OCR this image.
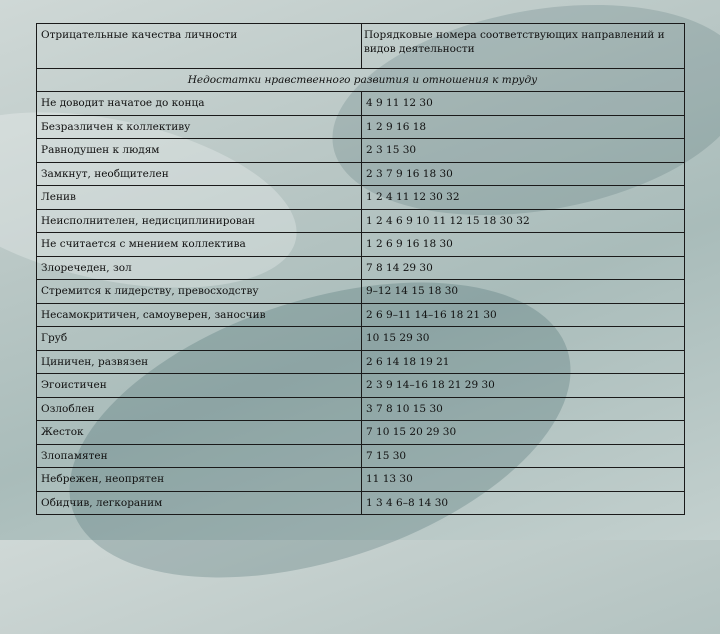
Отрицательные качества личности	Порядковые номера соответствующих направлений и видов деятельности
Недостатки нравственного развития и отношения к труду	
Не доводит начатое до конца	4 9 11 12 30
Безразличен к коллективу	1 2 9 16 18
Равнодушен к людям	2 3 15 30
Замкнут, необщителен	2 3 7 9 16 18 30
Ленив	1 2 4 11 12 30 32
Неисполнителен, недисциплинирован	1 2 4 6 9 10 11 12 15 18 30 32
Не считается с мнением коллектива	1 2 6 9 16 18 30
Злоречеден, зол	7 8 14 29 30
Стремится к лидерству, превосходству	9–12 14 15 18 30
Несамокритичен, самоуверен, заносчив	2 6 9–11 14–16 18 21 30
Груб	10 15 29 30
Циничен, развязен	2 6 14 18 19 21
Эгоистичен	2 3 9 14–16 18 21 29 30
Озлоблен	3 7 8 10 15 30
Жесток	7 10 15 20 29 30
Злопамятен	7 15 30
Небрежен, неопрятен	11 13 30
Обидчив, легкораним	1 3 4 6–8 14 30
